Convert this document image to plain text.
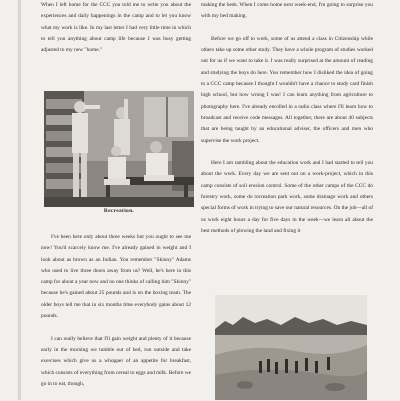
When I left home for the CCC you told me to write you about the experiences and daily happenings in the camp and to let you know what my work is like. In my last letter I had very little time in which to tell you anything about camp life because I was busy getting adjusted to my new "home."

Recreation.

I've been here only about three weeks but you ought to see me now! You'd scarcely know me. I've already gained in weight and I look about as brown as an Indian. You remember "Skinny" Adams who used to live three doors away from us? Well, he's here in this camp for about a year now and no one thinks of calling him "Skinny" because he's gained about 25 pounds and is on the boxing team. The older boys tell me that in six months time everybody gains about 12 pounds.

I can really believe that I'll gain weight and plenty of it because early in the morning we tumble out of bed, run outside and take exercises which give us a whopper of an appetite for breakfast, which consists of everything from cereal to eggs and milk. Before we go in to eat, though,

making the beds. When I come home next week-end, I'm going to surprise you with my bed making.

Before we go off to work, some of us attend a class in Citizenship while others take up some other study. They have a whole program of studies worked out for us if we want to take it. I was really surprised at the amount of reading and studying the boys do here. You remember how I disliked the idea of going to a CCC camp because I thought I wouldn't have a chance to study card finish high school, but how wrong I was! I can learn anything from agriculture to photography here. I've already enrolled in a radio class where I'll learn how to broadcast and receive code messages. All together, there are about 40 subjects that are being taught by an educational adviser, the officers and men who supervise the work project.

Here I am rambling about the education work and I had started to tell you about the work. Every day we are sent out on a work-project, which in this camp consists of soil erosion control. Some of the other camps of the CCC do forestry work, some do recreation park work, some drainage work and others special forms of work in trying to save our natural resources. On the job—all of us work eight hours a day for five days in the week—we learn all about the best methods of plowing the land and fixing it
